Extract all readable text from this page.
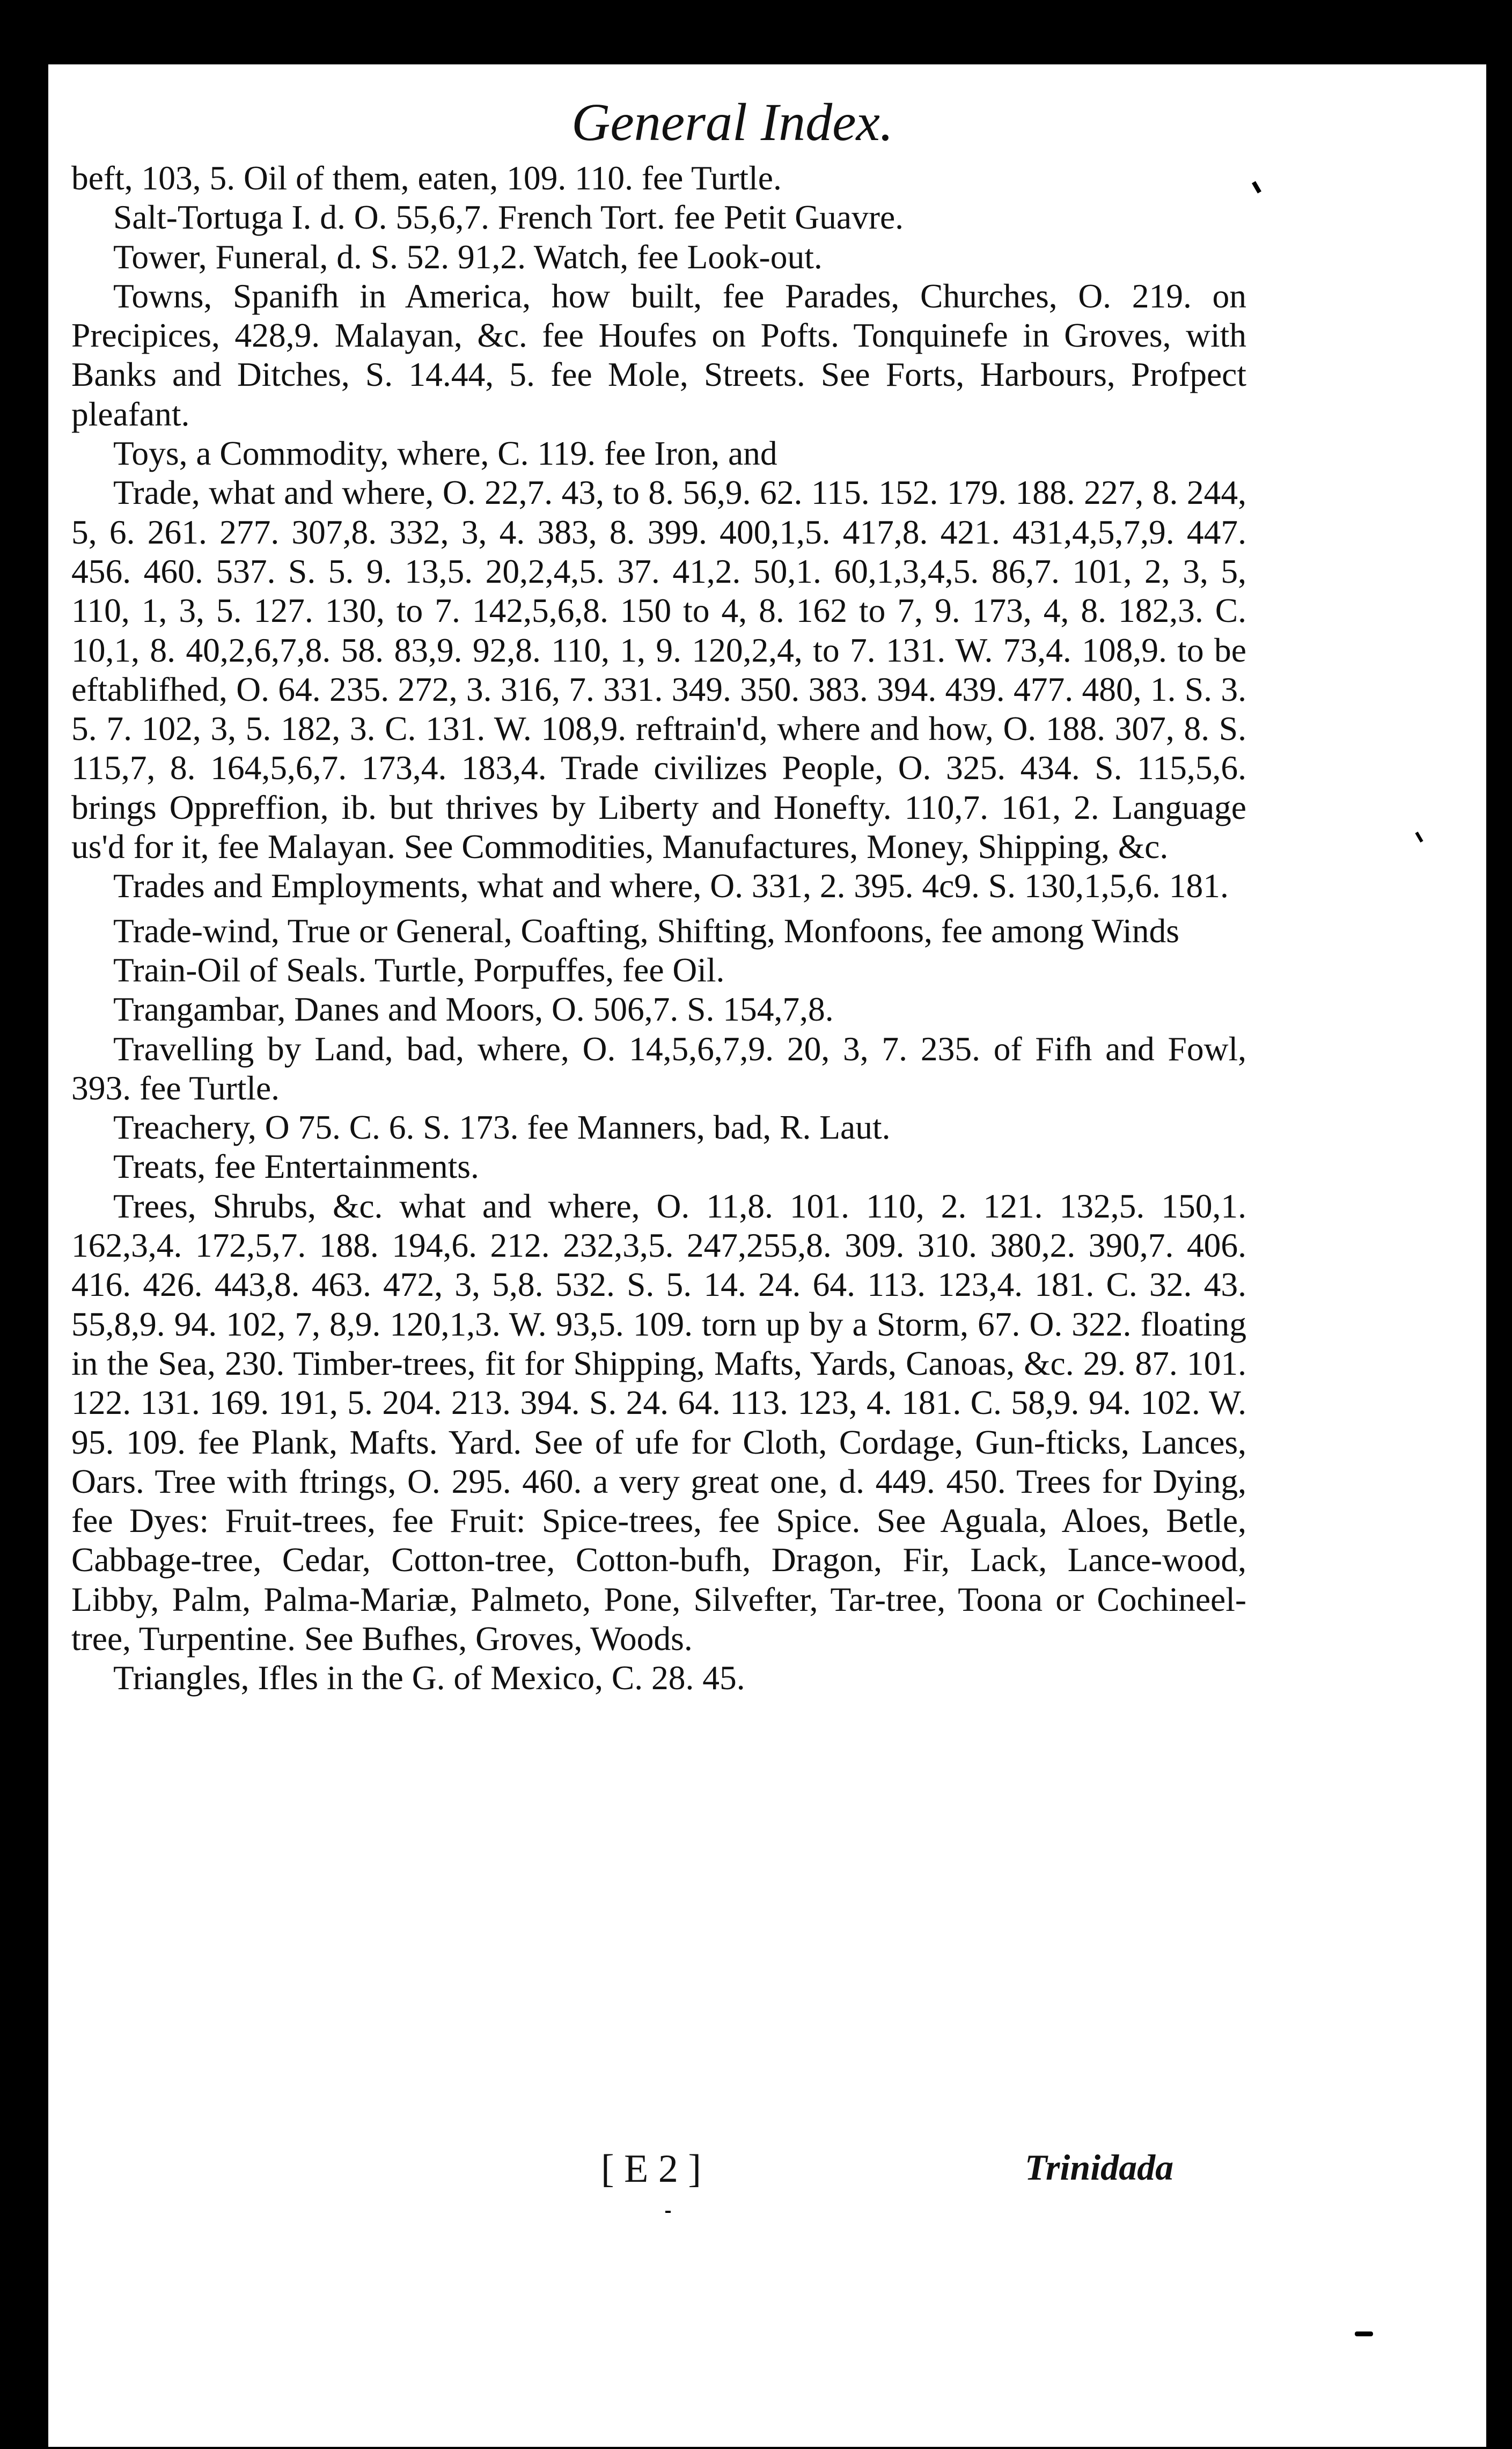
General Index.

beft, 103, 5. Oil of them, eaten, 109. 110. fee Turtle.

Salt-Tortuga I. d. O. 55,6,7. French Tort. fee Petit Guavre.

Tower, Funeral, d. S. 52. 91,2. Watch, fee Look-out.

Towns, Spanifh in America, how built, fee Parades, Churches, O. 219. on Precipices, 428,9. Malayan, &c. fee Houfes on Pofts. Tonquinefe in Groves, with Banks and Ditches, S. 14.44, 5. fee Mole, Streets. See Forts, Harbours, Profpect pleafant.

Toys, a Commodity, where, C. 119. fee Iron, and

Trade, what and where, O. 22,7. 43, to 8. 56,9. 62. 115. 152. 179. 188. 227, 8. 244, 5, 6. 261. 277. 307,8. 332, 3, 4. 383, 8. 399. 400,1,5. 417,8. 421. 431,4,5,7,9. 447. 456. 460. 537. S. 5. 9. 13,5. 20,2,4,5. 37. 41,2. 50,1. 60,1,3,4,5. 86,7. 101, 2, 3, 5, 110, 1, 3, 5. 127. 130, to 7. 142,5,6,8. 150 to 4, 8. 162 to 7, 9. 173, 4, 8. 182,3. C. 10,1, 8. 40,2,6,7,8. 58. 83,9. 92,8. 110, 1, 9. 120,2,4, to 7. 131. W. 73,4. 108,9. to be eftablifhed, O. 64. 235. 272, 3. 316, 7. 331. 349. 350. 383. 394. 439. 477. 480, 1. S. 3. 5. 7. 102, 3, 5. 182, 3. C. 131. W. 108,9. reftrain'd, where and how, O. 188. 307, 8. S. 115,7, 8. 164,5,6,7. 173,4. 183,4. Trade civilizes People, O. 325. 434. S. 115,5,6. brings Oppreffion, ib. but thrives by Liberty and Honefty. 110,7. 161, 2. Language us'd for it, fee Malayan. See Commodities, Manufactures, Money, Shipping, &c.

Trades and Employments, what and where, O. 331, 2. 395. 4c9. S. 130,1,5,6. 181.

Trade-wind, True or General, Coafting, Shifting, Monfoons, fee among Winds

Train-Oil of Seals. Turtle, Porpuffes, fee Oil.

Trangambar, Danes and Moors, O. 506,7. S. 154,7,8.

Travelling by Land, bad, where, O. 14,5,6,7,9. 20, 3, 7. 235. of Fifh and Fowl, 393. fee Turtle.

Treachery, O 75. C. 6. S. 173. fee Manners, bad, R. Laut.

Treats, fee Entertainments.

Trees, Shrubs, &c. what and where, O. 11,8. 101. 110, 2. 121. 132,5. 150,1. 162,3,4. 172,5,7. 188. 194,6. 212. 232,3,5. 247,255,8. 309. 310. 380,2. 390,7. 406. 416. 426. 443,8. 463. 472, 3, 5,8. 532. S. 5. 14. 24. 64. 113. 123,4. 181. C. 32. 43. 55,8,9. 94. 102, 7, 8,9. 120,1,3. W. 93,5. 109. torn up by a Storm, 67. O. 322. floating in the Sea, 230. Timber-trees, fit for Shipping, Mafts, Yards, Canoas, &c. 29. 87. 101. 122. 131. 169. 191, 5. 204. 213. 394. S. 24. 64. 113. 123, 4. 181. C. 58,9. 94. 102. W. 95. 109. fee Plank, Mafts. Yard. See of ufe for Cloth, Cordage, Gun-fticks, Lances, Oars. Tree with ftrings, O. 295. 460. a very great one, d. 449. 450. Trees for Dying, fee Dyes: Fruit-trees, fee Fruit: Spice-trees, fee Spice. See Aguala, Aloes, Betle, Cabbage-tree, Cedar, Cotton-tree, Cotton-bufh, Dragon, Fir, Lack, Lance-wood, Libby, Palm, Palma-Mariæ, Palmeto, Pone, Silvefter, Tar-tree, Toona or Cochineel-tree, Turpentine. See Bufhes, Groves, Woods.

Triangles, Ifles in the G. of Mexico, C. 28. 45.

[ E 2 ]	Trinidada
